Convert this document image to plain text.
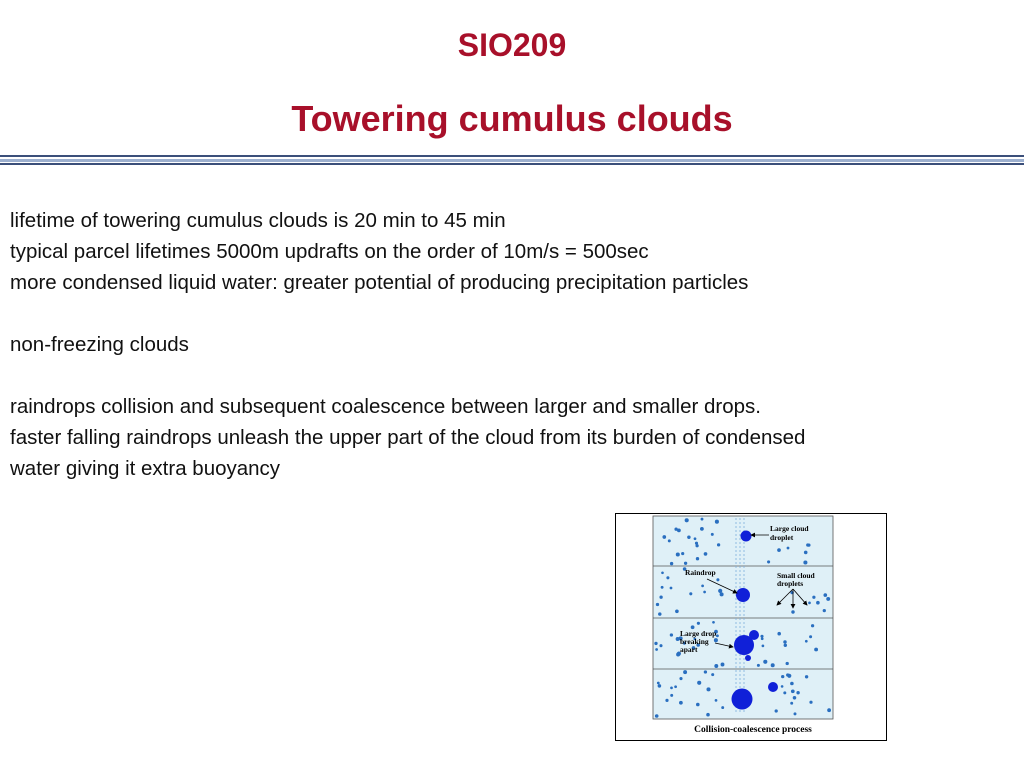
SIO209
Towering cumulus clouds
lifetime of towering cumulus clouds is 20 min to 45 min
typical parcel lifetimes 5000m updrafts on the order of 10m/s = 500sec
more condensed liquid water: greater potential of producing precipitation particles
non-freezing clouds
raindrops collision and subsequent coalescence between larger and smaller drops.
faster falling raindrops unleash the upper part of the cloud from its burden of condensed
water giving it extra buoyancy
Large cloud
droplet
Raindrop	Small cloud
droplets
Large drop
breaking
apart
Collision-coalescence process
